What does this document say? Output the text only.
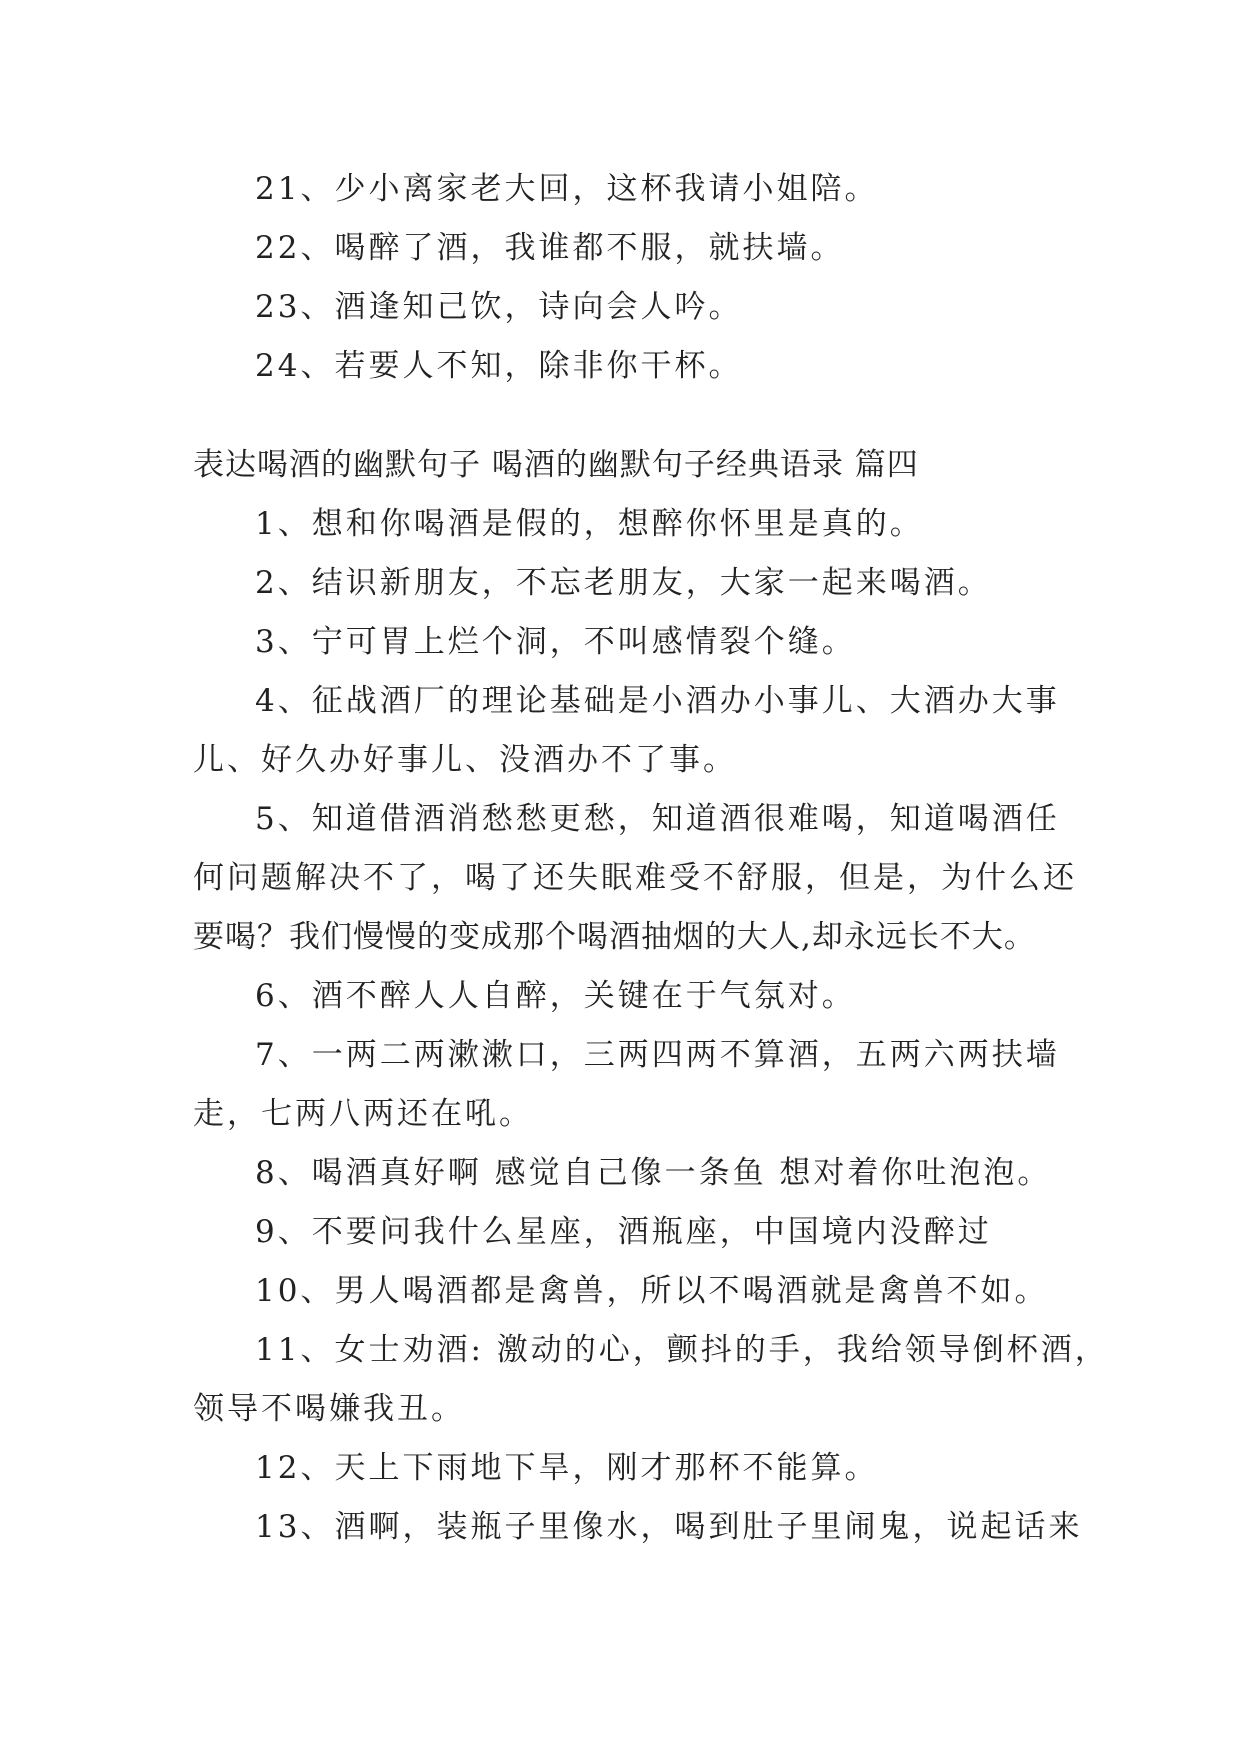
21、少小离家老大回，这杯我请小姐陪。
22、喝醉了酒，我谁都不服，就扶墙。
23、酒逢知己饮，诗向会人吟。
24、若要人不知，除非你干杯。
表达喝酒的幽默句子 喝酒的幽默句子经典语录 篇四
1、想和你喝酒是假的，想醉你怀里是真的。
2、结识新朋友，不忘老朋友，大家一起来喝酒。
3、宁可胃上烂个洞，不叫感情裂个缝。
4、征战酒厂的理论基础是小酒办小事儿、大酒办大事
儿、好久办好事儿、没酒办不了事。
5、知道借酒消愁愁更愁，知道酒很难喝，知道喝酒任
何问题解决不了，喝了还失眠难受不舒服，但是，为什么还
要喝？我们慢慢的变成那个喝酒抽烟的大人,却永远长不大。
6、酒不醉人人自醉，关键在于气氛对。
7、一两二两漱漱口，三两四两不算酒，五两六两扶墙
走，七两八两还在吼。
8、喝酒真好啊 感觉自己像一条鱼 想对着你吐泡泡。
9、不要问我什么星座，酒瓶座，中国境内没醉过
10、男人喝酒都是禽兽，所以不喝酒就是禽兽不如。
11、女士劝酒: 激动的心，颤抖的手，我给领导倒杯酒，
领导不喝嫌我丑。
12、天上下雨地下旱，刚才那杯不能算。
13、酒啊，装瓶子里像水，喝到肚子里闹鬼，说起话来
